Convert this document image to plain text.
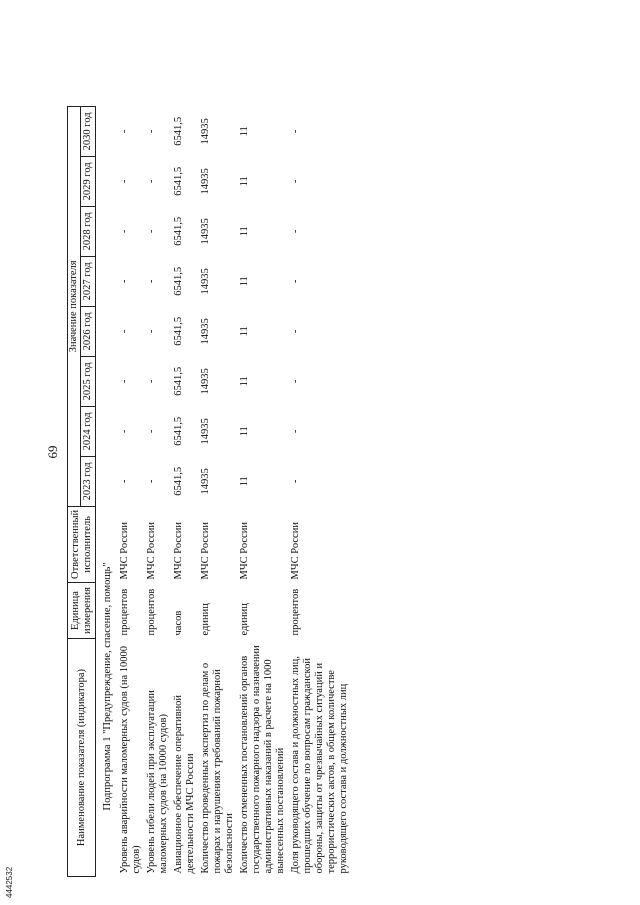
69
Наименование показателя (индикатора)	Единица измерения	Ответственный исполнитель	Значение показателя							
			2023 год	2024 год	2025 год	2026 год	2027 год	2028 год	2029 год	2030 год
Подпрограмма 1 "Предупреждение, спасение, помощь"										
Уровень аварийности маломерных судов (на 10000 судов)	процентов	МЧС России	-	-	-	-	-	-	-	-
Уровень гибели людей при эксплуатации маломерных судов (на 10000 судов)	процентов	МЧС России	-	-	-	-	-	-	-	-
Авиационное обеспечение оперативной деятельности МЧС России	часов	МЧС России	6541,5	6541,5	6541,5	6541,5	6541,5	6541,5	6541,5	6541,5
Количество проведенных экспертиз по делам о пожарах и нарушениях требований пожарной безопасности	единиц	МЧС России	14935	14935	14935	14935	14935	14935	14935	14935
Количество отмененных постановлений органов государственного пожарного надзора о назначении административных наказаний в расчете на 1000 вынесенных постановлений	единиц	МЧС России	11	11	11	11	11	11	11	11
Доля руководящего состава и должностных лиц, прошедших обучение по вопросам гражданской обороны, защиты от чрезвычайных ситуаций и террористических актов, в общем количестве руководящего состава и должностных лиц	процентов	МЧС России	-	-	-	-	-	-	-	-
4442532
